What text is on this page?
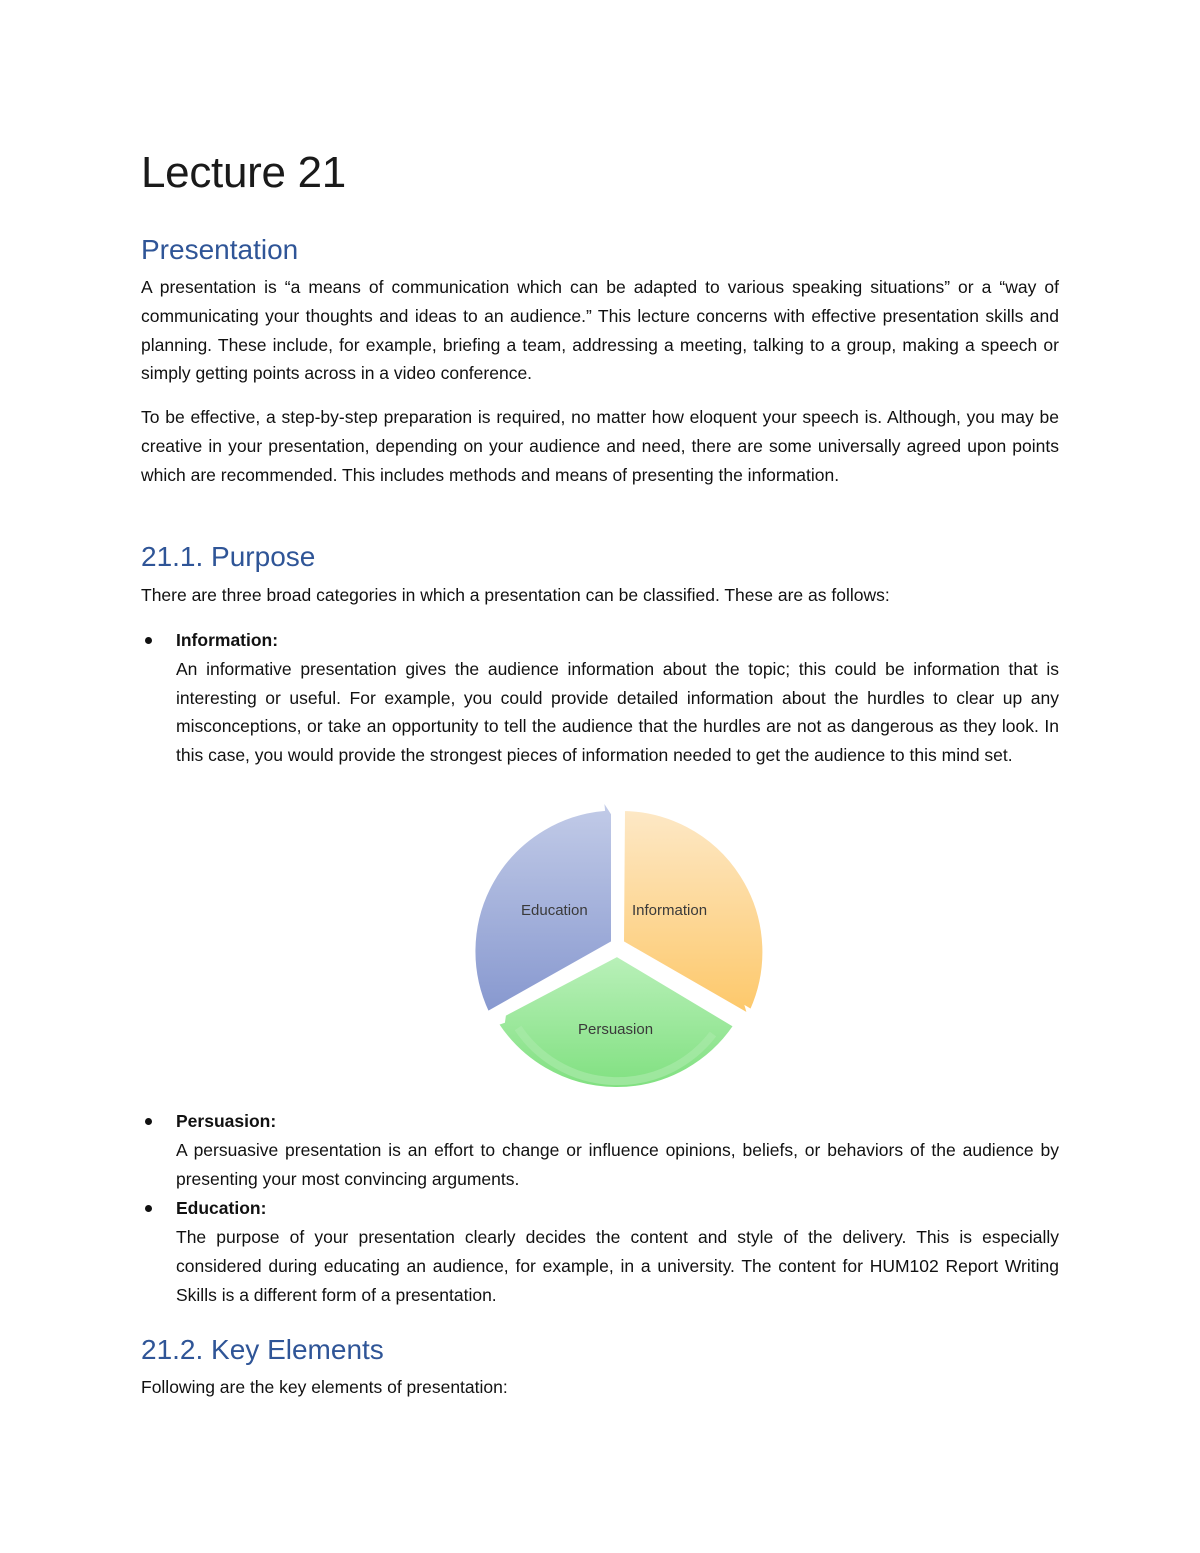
Lecture 21
Presentation

A presentation is “a means of communication which can be adapted to various speaking situations” or a “way of communicating your thoughts and ideas to an audience.” This lecture concerns with effective presentation skills and planning. These include, for example, briefing a team, addressing a meeting, talking to a group, making a speech or simply getting points across in a video conference.

To be effective, a step-by-step preparation is required, no matter how eloquent your speech is. Although, you may be creative in your presentation, depending on your audience and need, there are some universally agreed upon points which are recommended. This includes methods and means of presenting the information.

21.1. Purpose

There are three broad categories in which a presentation can be classified. These are as follows:

Information:
An informative presentation gives the audience information about the topic; this could be information that is interesting or useful. For example, you could provide detailed information about the hurdles to clear up any misconceptions, or take an opportunity to tell the audience that the hurdles are not as dangerous as they look. In this case, you would provide the strongest pieces of information needed to get the audience to this mind set.
Persuasion:
A persuasive presentation is an effort to change or influence opinions, beliefs, or behaviors of the audience by presenting your most convincing arguments.
Education:
The purpose of your presentation clearly decides the content and style of the delivery. This is especially considered during educating an audience, for example, in a university. The content for HUM102 Report Writing Skills is a different form of a presentation.
21.2. Key Elements

Following are the key elements of presentation:

Information
Persuasion
Education
